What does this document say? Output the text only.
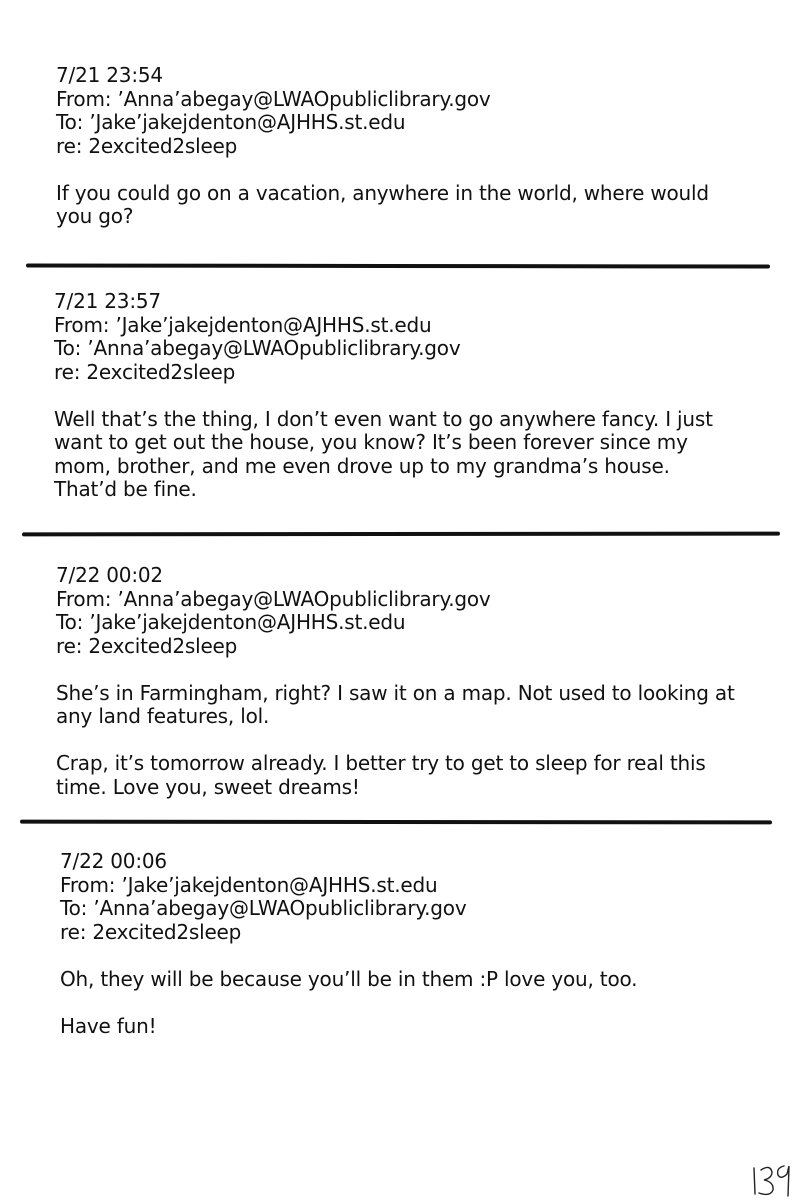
7/21 23:54
From: ’Anna’abegay@LWAOpubliclibrary.gov
To: ’Jake’jakejdenton@AJHHS.st.edu
re: 2excited2sleep
If you could go on a vacation, anywhere in the world, where would you go?
7/21 23:57
From: ’Jake’jakejdenton@AJHHS.st.edu
To: ’Anna’abegay@LWAOpubliclibrary.gov
re: 2excited2sleep
Well that’s the thing, I don’t even want to go anywhere fancy. I just want to get out the house, you know? It’s been forever since my mom, brother, and me even drove up to my grandma’s house. That’d be fine.
7/22 00:02
From: ’Anna’abegay@LWAOpubliclibrary.gov
To: ’Jake’jakejdenton@AJHHS.st.edu
re: 2excited2sleep
She’s in Farmingham, right? I saw it on a map. Not used to looking at any land features, lol.
Crap, it’s tomorrow already. I better try to get to sleep for real this time. Love you, sweet dreams!
7/22 00:06
From: ’Jake’jakejdenton@AJHHS.st.edu
To: ’Anna’abegay@LWAOpubliclibrary.gov
re: 2excited2sleep
Oh, they will be because you’ll be in them :P love you, too.
Have fun!
